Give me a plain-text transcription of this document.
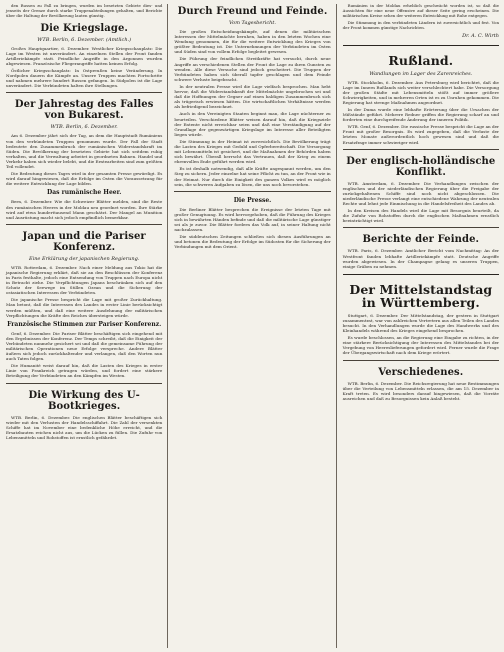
den Russen zu Fall zu bringen, wurden im besetzten Gebiete dies- und jenseits der Grenze durch starke Truppenabteilungen gehalten, und Berichte über die Haltung der Bevölkerung lauten günstig.
Die Kriegslage.
WTB. Berlin, 6. Dezember. (Amtlich.)
Großes Hauptquartier, 6. Dezember. Westlicher Kriegsschauplatz: Die Lage im Westen ist unverändert. An einzelnen Stellen der Front fanden Artilleriekämpfe statt. Feindliche Angriffe in den Argonnen wurden abgewiesen. Französische Fliegerangriffe hatten keinen Erfolg.
Östlicher Kriegsschauplatz: In Ostpreußen keine Veränderung. In Nordpolen dauern die Kämpfe an. Unsere Truppen machten Fortschritte und nahmen mehrere hundert Russen gefangen. In Südpolen ist die Lage unverändert. Die Verbündeten halten ihre Stellungen.
Der Jahrestag des Falles von Bukarest.
WTB. Berlin, 6. Dezember.
Am 6. Dezember jährt sich der Tag, an dem die Hauptstadt Rumäniens von den verbündeten Truppen genommen wurde. Der Fall der Stadt bedeutete den Zusammenbruch der rumänischen Widerstandskraft im Süden. Die Bevölkerung der besetzten Gebiete hat sich seitdem ruhig verhalten, und die Verwaltung arbeitet in geordneten Bahnen. Handel und Verkehr haben sich wieder belebt, und die Erntearbeiten sind zum größten Teil vollendet.
Die Bedeutung dieses Tages wird in der gesamten Presse gewürdigt. Es wird darauf hingewiesen, daß die Erfolge im Osten die Voraussetzung für die weitere Entwicklung der Lage bilden.
Das rumänische Heer.
Bern, 6. Dezember. Wie die Schweizer Blätter melden, sind die Reste des rumänischen Heeres in der Moldau neu geordnet worden. Ihre Stärke wird auf etwa hunderttausend Mann geschätzt. Der Mangel an Munition und Ausrüstung macht sich jedoch empfindlich bemerkbar.
Japan und die Pariser Konferenz.
Eine Erklärung der japanischen Regierung.
WTB. Rotterdam, 6. Dezember. Nach einer Meldung aus Tokio hat die japanische Regierung erklärt, daß sie an den Beschlüssen der Konferenz in Paris festhalte, jedoch eine Entsendung von Truppen nach Europa nicht in Betracht ziehe. Die Verpflichtungen Japans beschränken sich auf den Schutz der Seewege im Stillen Ozean und die Sicherung der ostasiatischen Interessen der Verbündeten.
Die japanische Presse bespricht die Lage mit großer Zurückhaltung. Man betont, daß die Interessen des Landes in erster Linie berücksichtigt werden müßten, und daß eine weitere Ausdehnung der militärischen Verpflichtungen die Kräfte des Reiches übersteigen würde.
Französische Stimmen zur Pariser Konferenz.
Genf, 6. Dezember. Die Pariser Blätter beschäftigen sich eingehend mit den Ergebnissen der Konferenz. Der Temps schreibt, daß die Einigkeit der Verbündeten nunmehr gesichert sei und daß die gemeinsame Führung der militärischen Operationen neue Erfolge verspreche. Andere Blätter äußern sich jedoch zurückhaltender und verlangen, daß den Worten nun auch Taten folgen.
Die Humanité weist darauf hin, daß die Lasten des Krieges in erster Linie von Frankreich getragen würden, und fordert eine stärkere Beteiligung der Verbündeten an den Kämpfen im Westen.
Die Wirkung des U-Bootkrieges.
WTB. Berlin, 6. Dezember. Die englischen Blätter beschäftigen sich wieder mit den Verlusten der Handelsschiffahrt. Die Zahl der versenkten Schiffe hat im November eine bedenkliche Höhe erreicht, und die Ersatzbauten reichen nicht aus, um die Lücken zu füllen. Die Zufuhr von Lebensmitteln und Rohstoffen ist ernstlich gefährdet.
Durch Freund und Feinde.
Vom Tagesbericht.
Die großen Entscheidungskämpfe, auf denen die militärischen Interessen der Mittelmächte beruhen, haben in den letzten Wochen eine Wendung genommen, die für die weitere Entwicklung des Krieges von größter Bedeutung ist. Die Unternehmungen der Verbündeten im Osten und Süden sind von vollem Erfolge begleitet gewesen.
Die Führung der feindlichen Streitkräfte hat versucht, durch neue Angriffe an verschiedenen Stellen der Front die Lage zu ihren Gunsten zu wenden. Alle diese Versuche sind jedoch gescheitert. Die Truppen der Verbündeten haben sich überall tapfer geschlagen und dem Feinde schwere Verluste beigebracht.
In der neutralen Presse wird die Lage vielfach besprochen. Man hebt hervor, daß die Widerstandskraft der Mittelmächte ungebrochen sei und daß die Hoffnungen der Gegner auf einen baldigen Zusammenbruch sich als trügerisch erwiesen hätten. Die wirtschaftlichen Verhältnisse werden als befriedigend bezeichnet.
Auch in den Vereinigten Staaten beginnt man, die Lage nüchterner zu beurteilen. Verschiedene Blätter weisen darauf hin, daß die Kriegsziele der Entente nicht erreichbar seien und daß eine Verständigung auf der Grundlage der gegenwärtigen Kriegslage im Interesse aller Beteiligten liegen würde.
Die Stimmung in der Heimat ist zuversichtlich. Die Bevölkerung trägt die Lasten des Krieges mit Geduld und Opferbereitschaft. Die Versorgung mit Lebensmitteln ist gesichert, und die Maßnahmen der Behörden haben sich bewährt. Überall herrscht das Vertrauen, daß der Krieg zu einem ehrenvollen Ende geführt werden wird.
Es ist deshalb notwendig, daß alle Kräfte angespannt werden, um den Sieg zu sichern. Jeder einzelne hat seine Pflicht zu tun, an der Front wie in der Heimat. Nur durch die Einigkeit des ganzen Volkes wird es möglich sein, die schweren Aufgaben zu lösen, die uns noch bevorstehen.
Die Presse.
Die Berliner Blätter besprechen die Ereignisse der letzten Tage mit großer Genugtuung. Es wird hervorgehoben, daß die Führung des Krieges sich in bewährten Händen befinde und daß die militärische Lage günstiger sei als je zuvor. Die Blätter fordern das Volk auf, in seiner Haltung nicht nachzulassen.
Die süddeutschen Zeitungen schließen sich diesen Ausführungen an und betonen die Bedeutung der Erfolge im Südosten für die Sicherung der Verbindungen mit dem Orient.
Rumänien in der Moldau erheblich geschwächt worden ist, so daß die Aussichten für eine neue Offensive auf dieser Seite gering erscheinen. Die militärischen Kreise sehen der weiteren Entwicklung mit Ruhe entgegen.
Die Stimmung in den verbündeten Ländern ist zuversichtlich und fest. Von der Front kommen günstige Nachrichten.
Dr. A. C. Wirth
Rußland.
Wandlungen im Lager des Zarenreiches.
WTB. Stockholm, 6. Dezember. Aus Petersburg wird berichtet, daß die Lage im Innern Rußlands sich weiter verschlechtert habe. Die Versorgung der großen Städte mit Lebensmitteln stößt auf immer größere Schwierigkeiten, und in mehreren Orten ist es zu Unruhen gekommen. Die Regierung hat strenge Maßnahmen angeordnet.
In der Duma wurde eine lebhafte Erörterung über die Ursachen der Mißstände geführt. Mehrere Redner griffen die Regierung scharf an und forderten eine durchgreifende Änderung der inneren Politik.
WTB. Genf, 6. Dezember. Die russische Presse bespricht die Lage an der Front mit großer Besorgnis. Es wird zugegeben, daß die Verluste der letzten Monate außerordentlich hoch gewesen sind und daß die Ersatzfrage immer schwieriger wird.
Der englisch-holländische Konflikt.
WTB. Amsterdam, 6. Dezember. Die Verhandlungen zwischen der englischen und der niederländischen Regierung über die Freigabe der zurückgehaltenen Schiffe sind noch nicht abgeschlossen. Die niederländische Presse verlangt eine entschiedene Wahrung der neutralen Rechte und lehnt jede Einmischung in die Handelsfreiheit des Landes ab.
In den Kreisen des Handels wird die Lage mit Besorgnis beurteilt, da die Zufuhr von Rohstoffen durch die englischen Maßnahmen ernstlich beeinträchtigt wird.
Berichte der Feinde.
WTB. Paris, 6. Dezember. Amtlicher Bericht vom Nachmittag: An der Westfront fanden lebhafte Artilleriekämpfe statt. Deutsche Angriffe wurden abgewiesen. In der Champagne gelang es unseren Truppen, einige Gräben zu nehmen.
Der Mittelstandstag in Württemberg.
Stuttgart, 6. Dezember. Der Mittelstandstag, der gestern in Stuttgart zusammentrat, war von zahlreichen Vertretern aus allen Teilen des Landes besucht. In den Verhandlungen wurde die Lage des Handwerks und des Kleinhandels während des Krieges eingehend besprochen.
Es wurde beschlossen, an die Regierung eine Eingabe zu richten, in der eine stärkere Berücksichtigung der Interessen des Mittelstandes bei der Vergebung von Heereslieferungen gefordert wird. Ferner wurde die Frage der Übergangswirtschaft nach dem Kriege erörtert.
Verschiedenes.
WTB. Berlin, 6. Dezember. Die Reichsregierung hat neue Bestimmungen über die Verteilung von Lebensmitteln erlassen, die am 15. Dezember in Kraft treten. Es wird besonders darauf hingewiesen, daß die Vorräte ausreichen und daß zu Besorgnissen kein Anlaß besteht.
